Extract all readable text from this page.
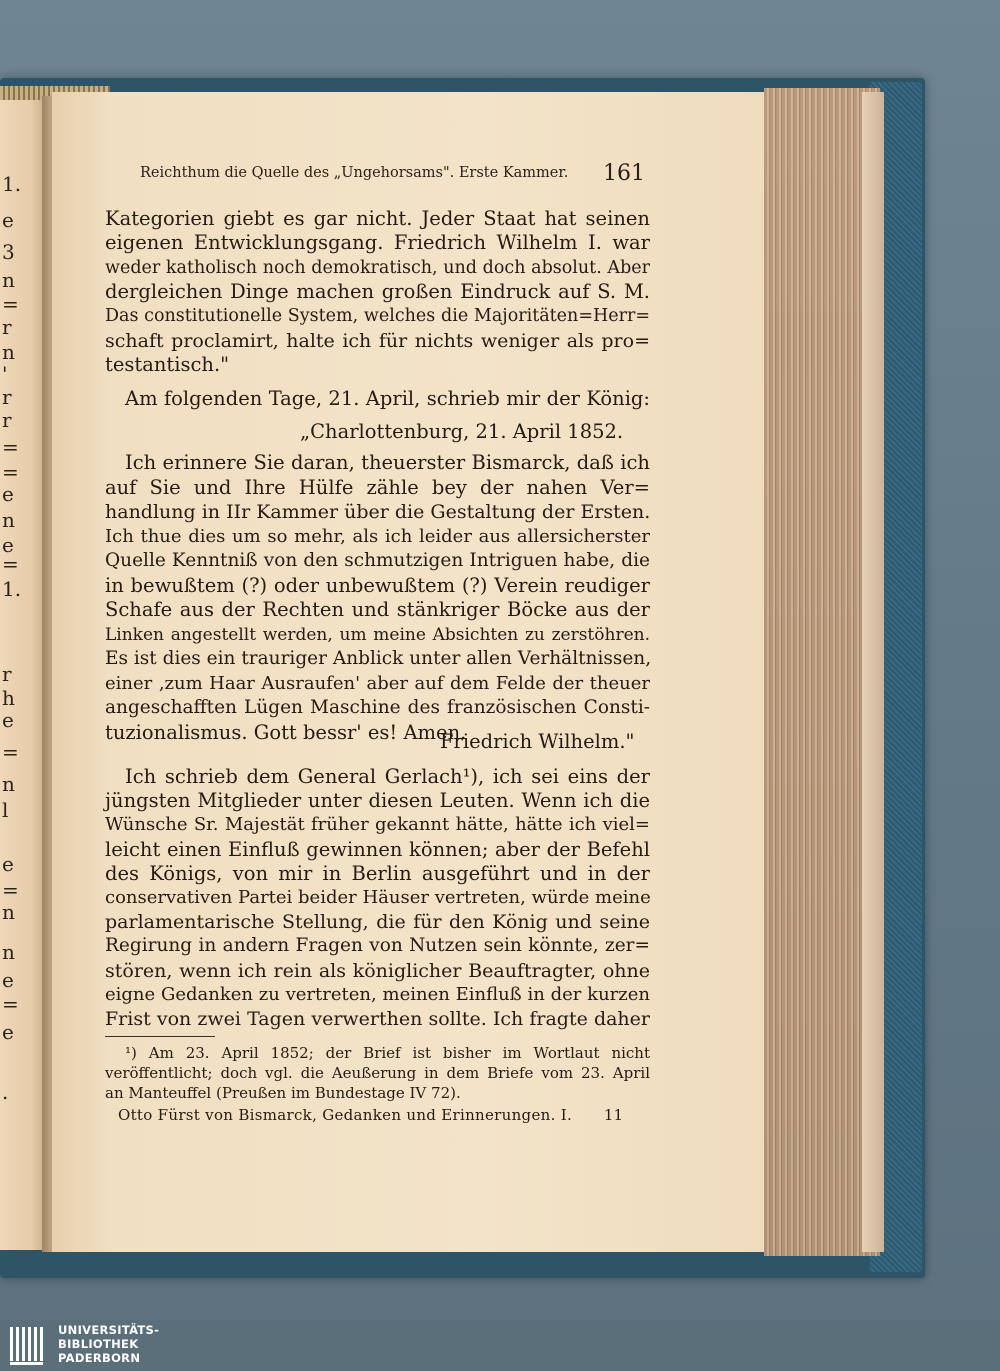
1.
e
3
n
=
r
n
'
r
r
=
=
e
n
e
=
1.
r
h
e
=
n
l
e
=
n
n
e
=
e
.
Reichthum die Quelle des „Ungehorsams". Erste Kammer. 161
Kategorien giebt es gar nicht. Jeder Staat hat seinen
eigenen Entwicklungsgang. Friedrich Wilhelm I. war
weder katholisch noch demokratisch, und doch absolut. Aber
dergleichen Dinge machen großen Eindruck auf S. M.
Das constitutionelle System, welches die Majoritäten=Herr=
schaft proclamirt, halte ich für nichts weniger als pro=
testantisch."
Am folgenden Tage, 21. April, schrieb mir der König:
„Charlottenburg, 21. April 1852.
Ich erinnere Sie daran, theuerster Bismarck, daß ich
auf Sie und Ihre Hülfe zähle bey der nahen Ver=
handlung in IIr Kammer über die Gestaltung der Ersten.
Ich thue dies um so mehr, als ich leider aus allersicherster
Quelle Kenntniß von den schmutzigen Intriguen habe, die
in bewußtem (?) oder unbewußtem (?) Verein reudiger
Schafe aus der Rechten und stänkriger Böcke aus der
Linken angestellt werden, um meine Absichten zu zerstöhren.
Es ist dies ein trauriger Anblick unter allen Verhältnissen,
einer ‚zum Haar Ausraufen' aber auf dem Felde der theuer
angeschafften Lügen Maschine des französischen Consti-
tuzionalismus. Gott bessr' es! Amen.
Friedrich Wilhelm."
Ich schrieb dem General Gerlach¹), ich sei eins der
jüngsten Mitglieder unter diesen Leuten. Wenn ich die
Wünsche Sr. Majestät früher gekannt hätte, hätte ich viel=
leicht einen Einfluß gewinnen können; aber der Befehl
des Königs, von mir in Berlin ausgeführt und in der
conservativen Partei beider Häuser vertreten, würde meine
parlamentarische Stellung, die für den König und seine
Regirung in andern Fragen von Nutzen sein könnte, zer=
stören, wenn ich rein als königlicher Beauftragter, ohne
eigne Gedanken zu vertreten, meinen Einfluß in der kurzen
Frist von zwei Tagen verwerthen sollte. Ich fragte daher
¹) Am 23. April 1852; der Brief ist bisher im Wortlaut nicht
veröffentlicht; doch vgl. die Aeußerung in dem Briefe vom 23. April
an Manteuffel (Preußen im Bundestage IV 72).
Otto Fürst von Bismarck, Gedanken und Erinnerungen. I. 11
UNIVERSITÄTS-
BIBLIOTHEK
PADERBORN
